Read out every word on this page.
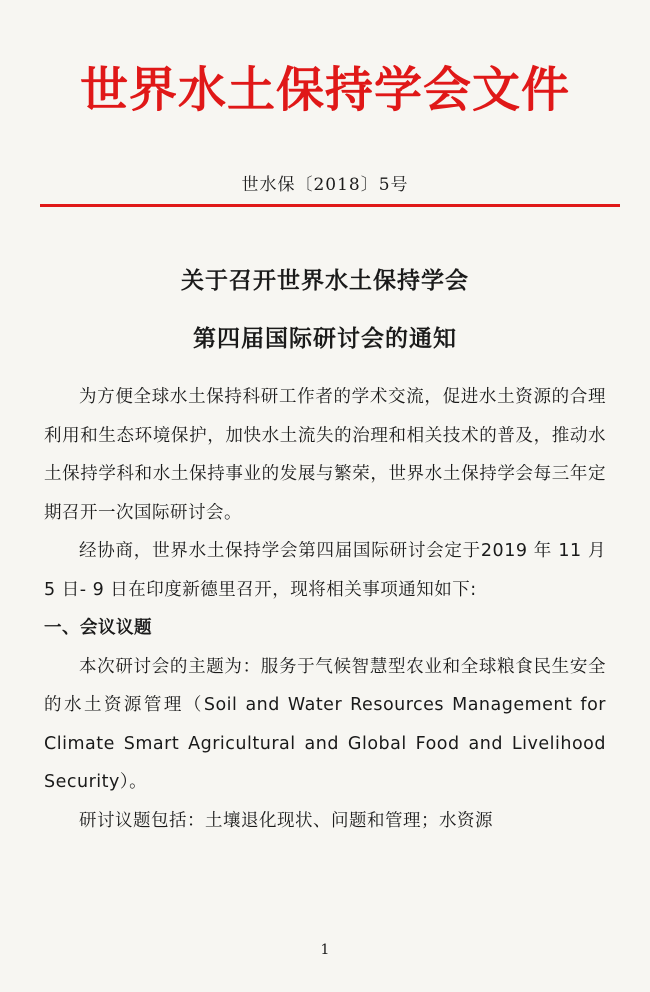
世界水土保持学会文件
世水保〔2018〕5号
关于召开世界水土保持学会
第四届国际研讨会的通知

为方便全球水土保持科研工作者的学术交流，促进水土资源的合理利用和生态环境保护，加快水土流失的治理和相关技术的普及，推动水土保持学科和水土保持事业的发展与繁荣，世界水土保持学会每三年定期召开一次国际研讨会。

经协商，世界水土保持学会第四届国际研讨会定于2019 年 11 月 5 日- 9 日在印度新德里召开，现将相关事项通知如下:

一、会议议题

本次研讨会的主题为：服务于气候智慧型农业和全球粮食民生安全的水土资源管理（Soil and Water Resources Management for Climate Smart Agricultural and Global Food and Livelihood Security）。

研讨议题包括：土壤退化现状、问题和管理；水资源

1
